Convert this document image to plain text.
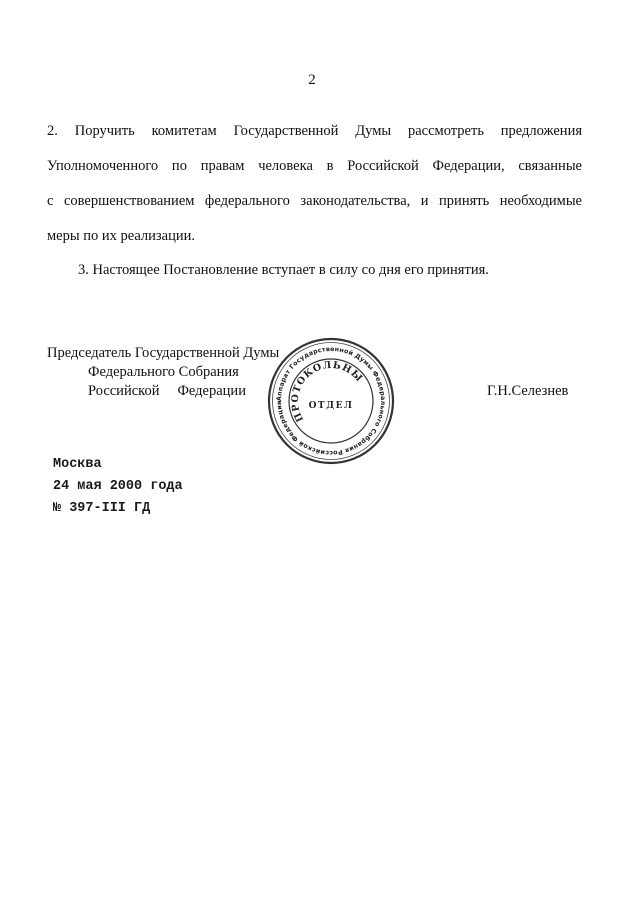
2
2. Поручить комитетам Государственной Думы рассмотреть предложения
Уполномоченного по правам человека в Российской Федерации, связанные
с совершенствованием федерального законодательства, и принять необходимые
меры по их реализации.
3. Настоящее Постановление вступает в силу со дня его принятия.
Председатель Государственной Думы
Федерального Собрания
Российской Федерации	Г.Н.Селезнев
Аппарат Государственной Думы Федерального Собрания Российской Федерации
ПРОТОКОЛЬНЫЙ
ОТДЕЛ
Москва
24 мая 2000 года
№ 397-III ГД
